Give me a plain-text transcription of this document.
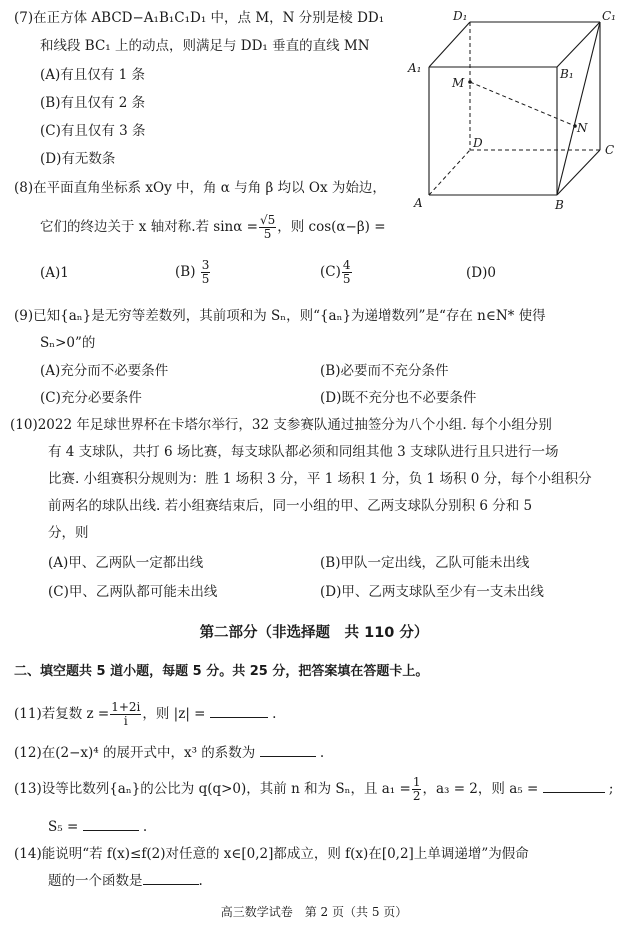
(7)在正方体 ABCD−A₁B₁C₁D₁ 中，点 M，N 分别是棱 DD₁
和线段 BC₁ 上的动点，则满足与 DD₁ 垂直的直线 MN
(A)有且仅有 1 条
(B)有且仅有 2 条
(C)有且仅有 3 条
(D)有无数条
D₁	C₁
A₁	B₁
M
N
D	C
A	B
(8)在平面直角坐标系 xOy 中，角 α 与角 β 均以 Ox 为始边，
它们的终边关于 x 轴对称.若 $\sin\alpha = \frac{√5}{5}$ ，则 cos(α−β) =
(A)1	$(B) \frac{3}{5}$	$(C) \frac{4}{5}$	(D)0
(9)已知{aₙ}是无穷等差数列，其前项和为 Sₙ，则“{aₙ}为递增数列”是“存在 n∈N* 使得
Sₙ>0”的
(A)充分而不必要条件	(B)必要而不充分条件
(C)充分必要条件	(D)既不充分也不必要条件
(10)2022 年足球世界杯在卡塔尔举行，32 支参赛队通过抽签分为八个小组. 每个小组分别
有 4 支球队，共打 6 场比赛，每支球队都必须和同组其他 3 支球队进行且只进行一场
比赛. 小组赛积分规则为：胜 1 场积 3 分，平 1 场积 1 分，负 1 场积 0 分，每个小组积分
前两名的球队出线. 若小组赛结束后，同一小组的甲、乙两支球队分别积 6 分和 5
分，则
(A)甲、乙两队一定都出线	(B)甲队一定出线，乙队可能未出线
(C)甲、乙两队都可能未出线	(D)甲、乙两支球队至少有一支未出线
第二部分（非选择题　共 110 分）
二、填空题共 5 道小题，每题 5 分。共 25 分，把答案填在答题卡上。
(11)若复数 $z = \frac{1+2i}{i}$ ，则 |z| =	.
(12)在(2−x)⁴ 的展开式中，x³ 的系数为	.
(13)设等比数列{aₙ}的公比为 q(q>0)，其前 n 和为 Sₙ，且 $a_1 = \frac{1}{2}$ ，a₃ = 2，则 a₅ =	;
S₅ =	.
(14)能说明“若 f(x)≤f(2)对任意的 x∈[0,2]都成立，则 f(x)在[0,2]上单调递增”为假命
题的一个函数是	.
高三数学试卷　第 2 页（共 5 页）
